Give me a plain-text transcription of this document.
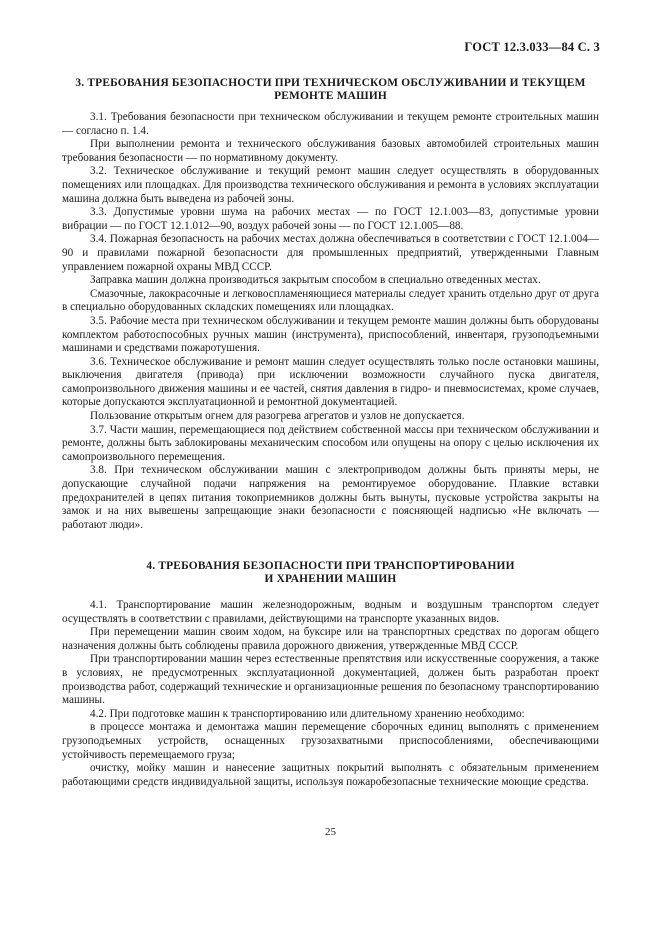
ГОСТ 12.3.033—84 С. 3
3. ТРЕБОВАНИЯ БЕЗОПАСНОСТИ ПРИ ТЕХНИЧЕСКОМ ОБСЛУЖИВАНИИ И ТЕКУЩЕМ
РЕМОНТЕ МАШИН

3.1. Требования безопасности при техническом обслуживании и текущем ремонте строительных машин — согласно п. 1.4.

При выполнении ремонта и технического обслуживания базовых автомобилей строительных машин требования безопасности — по нормативному документу.

3.2. Техническое обслуживание и текущий ремонт машин следует осуществлять в оборудованных помещениях или площадках. Для производства технического обслуживания и ремонта в условиях эксплуатации машина должна быть выведена из рабочей зоны.

3.3. Допустимые уровни шума на рабочих местах — по ГОСТ 12.1.003—83, допустимые уровни вибрации — по ГОСТ 12.1.012—90, воздух рабочей зоны — по ГОСТ 12.1.005—88.

3.4. Пожарная безопасность на рабочих местах должна обеспечиваться в соответствии с ГОСТ 12.1.004—90 и правилами пожарной безопасности для промышленных предприятий, утвержденными Главным управлением пожарной охраны МВД СССР.

Заправка машин должна производиться закрытым способом в специально отведенных местах.

Смазочные, лакокрасочные и легковоспламеняющиеся материалы следует хранить отдельно друг от друга в специально оборудованных складских помещениях или площадках.

3.5. Рабочие места при техническом обслуживании и текущем ремонте машин должны быть оборудованы комплектом работоспособных ручных машин (инструмента), приспособлений, инвентаря, грузоподъемными машинами и средствами пожаротушения.

3.6. Техническое обслуживание и ремонт машин следует осуществлять только после остановки машины, выключения двигателя (привода) при исключении возможности случайного пуска двигателя, самопроизвольного движения машины и ее частей, снятия давления в гидро- и пневмосистемах, кроме случаев, которые допускаются эксплуатационной и ремонтной документацией.

Пользование открытым огнем для разогрева агрегатов и узлов не допускается.

3.7. Части машин, перемещающиеся под действием собственной массы при техническом обслуживании и ремонте, должны быть заблокированы механическим способом или опущены на опору с целью исключения их самопроизвольного перемещения.

3.8. При техническом обслуживании машин с электроприводом должны быть приняты меры, не допускающие случайной подачи напряжения на ремонтируемое оборудование. Плавкие вставки предохранителей в цепях питания токоприемников должны быть вынуты, пусковые устройства закрыты на замок и на них вывешены запрещающие знаки безопасности с поясняющей надписью «Не включать — работают люди».

4. ТРЕБОВАНИЯ БЕЗОПАСНОСТИ ПРИ ТРАНСПОРТИРОВАНИИ
И ХРАНЕНИИ МАШИН

4.1. Транспортирование машин железнодорожным, водным и воздушным транспортом следует осуществлять в соответствии с правилами, действующими на транспорте указанных видов.

При перемещении машин своим ходом, на буксире или на транспортных средствах по дорогам общего назначения должны быть соблюдены правила дорожного движения, утвержденные МВД СССР.

При транспортировании машин через естественные препятствия или искусственные сооружения, а также в условиях, не предусмотренных эксплуатационной документацией, должен быть разработан проект производства работ, содержащий технические и организационные решения по безопасному транспортированию машины.

4.2. При подготовке машин к транспортированию или длительному хранению необходимо:

в процессе монтажа и демонтажа машин перемещение сборочных единиц выполнять с применением грузоподъемных устройств, оснащенных грузозахватными приспособлениями, обеспечивающими устойчивость перемещаемого груза;

очистку, мойку машин и нанесение защитных покрытий выполнять с обязательным применением работающими средств индивидуальной защиты, используя пожаробезопасные технические моющие средства.

25
